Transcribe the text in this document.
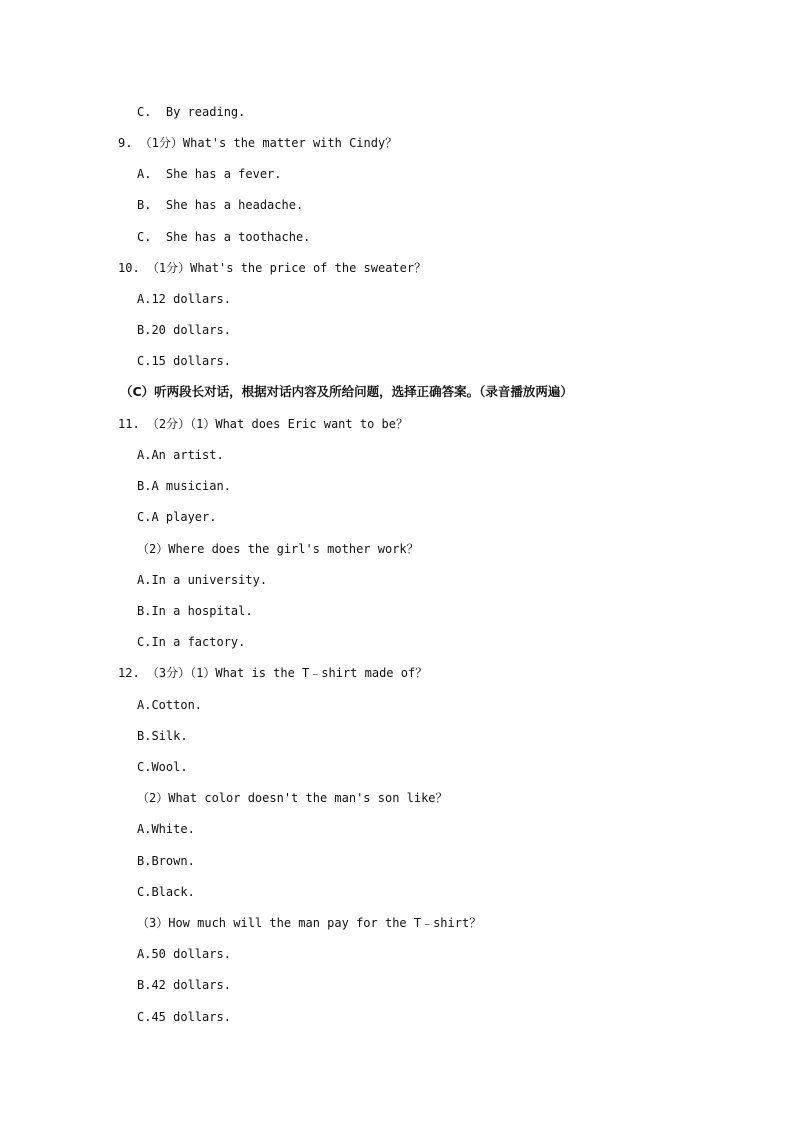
C.  By reading.
9. （1分）What's the matter with Cindy？
A.  She has a fever.
B.  She has a headache.
C.  She has a toothache.
10. （1分）What's the price of the sweater？
A.12 dollars.
B.20 dollars.
C.15 dollars.
（C）听两段长对话，根据对话内容及所给问题，选择正确答案。（录音播放两遍）
11. （2分）（1）What does Eric want to be？
A.An artist.
B.A musician.
C.A player.
（2）Where does the girl's mother work？
A.In a university.
B.In a hospital.
C.In a factory.
12. （3分）（1）What is the T﹣shirt made of？
A.Cotton.
B.Silk.
C.Wool.
（2）What color doesn't the man's son like？
A.White.
B.Brown.
C.Black.
（3）How much will the man pay for the T﹣shirt？
A.50 dollars.
B.42 dollars.
C.45 dollars.
